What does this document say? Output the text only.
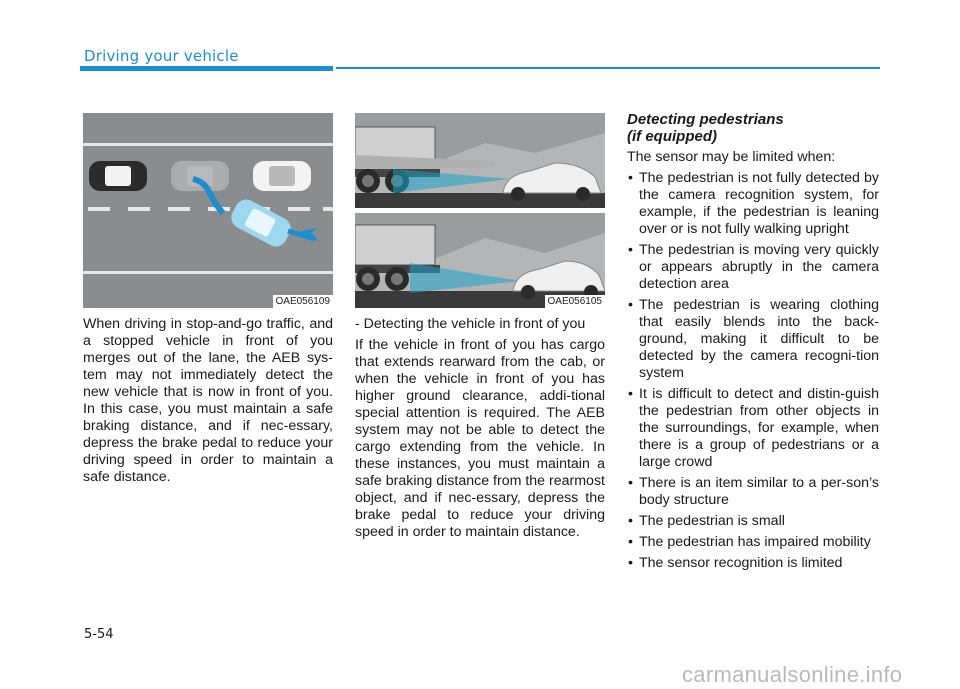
Driving your vehicle
OAE056109	OAE056105

When driving in stop-and-go traffic, and a stopped vehicle in front of you merges out of the lane, the AEB sys-tem may not immediately detect the new vehicle that is now in front of you. In this case, you must maintain a safe braking distance, and if nec-essary, depress the brake pedal to reduce your driving speed in order to maintain a safe distance.

- Detecting the vehicle in front of you

If the vehicle in front of you has cargo that extends rearward from the cab, or when the vehicle in front of you has higher ground clearance, addi-tional special attention is required. The AEB system may not be able to detect the cargo extending from the vehicle. In these instances, you must maintain a safe braking distance from the rearmost object, and if nec-essary, depress the brake pedal to reduce your driving speed in order to maintain distance.

Detecting pedestrians
(if equipped)
The sensor may be limited when:
• The pedestrian is not fully detected by the camera recognition system, for example, if the pedestrian is leaning over or is not fully walking upright
• The pedestrian is moving very quickly or appears abruptly in the camera detection area
• The pedestrian is wearing clothing that easily blends into the back-ground, making it difficult to be detected by the camera recogni-tion system
• It is difficult to detect and distin-guish the pedestrian from other objects in the surroundings, for example, when there is a group of pedestrians or a large crowd
• There is an item similar to a per-son’s body structure
• The pedestrian is small
• The pedestrian has impaired mobility
• The sensor recognition is limited
5-54
carmanualsonline.info
